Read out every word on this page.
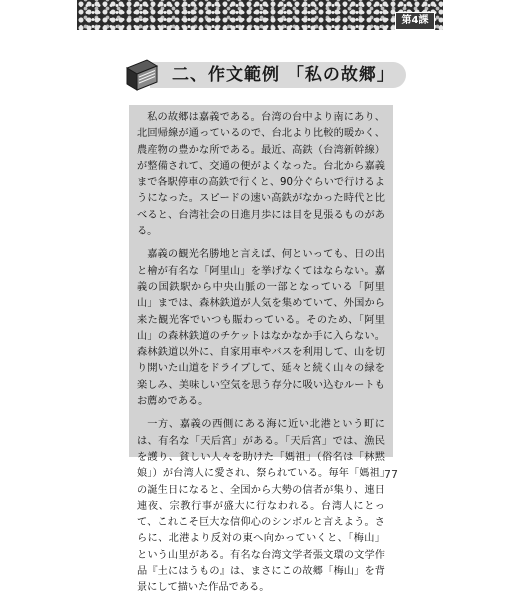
第4課
二、作文範例 「私の故郷」

私の故郷は嘉義である。台湾の台中より南にあり、北回帰線が通っているので、台北より比較的暖かく、農産物の豊かな所である。最近、高鉄（台湾新幹線）が整備されて、交通の便がよくなった。台北から嘉義まで各駅停車の高鉄で行くと、90分ぐらいで行けるようになった。スピードの速い高鉄がなかった時代と比べると、台湾社会の日進月歩には目を見張るものがある。

嘉義の観光名勝地と言えば、何といっても、日の出と檜が有名な「阿里山」を挙げなくてはならない。嘉義の国鉄駅から中央山脈の一部となっている「阿里山」までは、森林鉄道が人気を集めていて、外国から来た観光客でいつも賑わっている。そのため、「阿里山」の森林鉄道のチケットはなかなか手に入らない。森林鉄道以外に、自家用車やバスを利用して、山を切り開いた山道をドライブして、延々と続く山々の緑を楽しみ、美味しい空気を思う存分に吸い込むルートもお薦めである。

一方、嘉義の西側にある海に近い北港という町には、有名な「天后宮」がある。「天后宮」では、漁民を護り、貧しい人々を助けた「媽祖」（俗名は「林黙娘」）が台湾人に愛され、祭られている。毎年「媽祖」の誕生日になると、全国から大勢の信者が集り、連日連夜、宗教行事が盛大に行なわれる。台湾人にとって、これこそ巨大な信仰心のシンボルと言えよう。さらに、北港より反対の東へ向かっていくと、「梅山」という山里がある。有名な台湾文学者張文環の文学作品『土にはうもの』は、まさにこの故郷「梅山」を背景にして描いた作品である。

77
